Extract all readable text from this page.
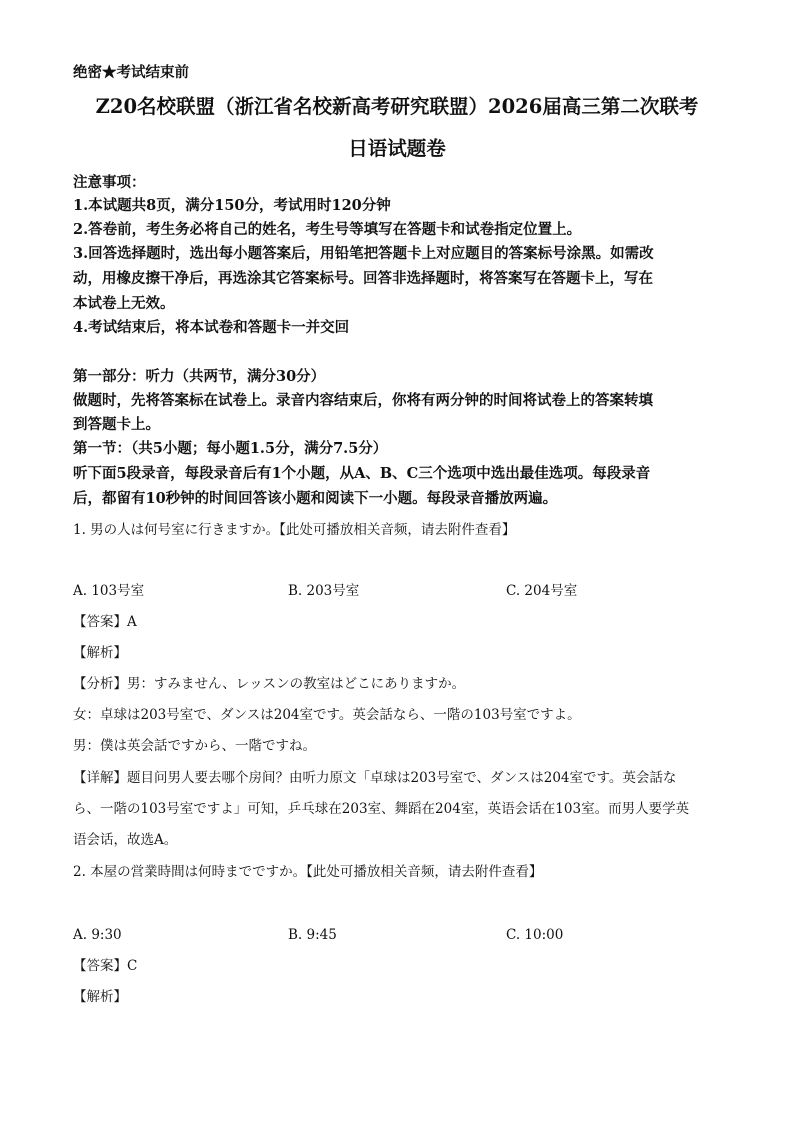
绝密★考试结束前
Z20名校联盟（浙江省名校新高考研究联盟）2026届高三第二次联考
日语试题卷
注意事项：
1.本试题共8页，满分150分，考试用时120分钟
2.答卷前，考生务必将自己的姓名，考生号等填写在答题卡和试卷指定位置上。
3.回答选择题时，选出每小题答案后，用铅笔把答题卡上对应题目的答案标号涂黑。如需改
动，用橡皮擦干净后，再选涂其它答案标号。回答非选择题时，将答案写在答题卡上，写在
本试卷上无效。
4.考试结束后，将本试卷和答题卡一并交回
第一部分：听力（共两节，满分30分）
做题时，先将答案标在试卷上。录音内容结束后，你将有两分钟的时间将试卷上的答案转填
到答题卡上。
第一节：（共5小题；每小题1.5分，满分7.5分）
听下面5段录音，每段录音后有1个小题，从A、B、C三个选项中选出最佳选项。每段录音
后，都留有10秒钟的时间回答该小题和阅读下一小题。每段录音播放两遍。
1. 男の人は何号室に行きますか。【此处可播放相关音频，请去附件查看】
A. 103号室	B. 203号室	C. 204号室
【答案】A
【解析】
【分析】男：すみません、レッスンの教室はどこにありますか。
女：卓球は203号室で、ダンスは204室です。英会話なら、一階の103号室ですよ。
男：僕は英会話ですから、一階ですね。
【详解】题目问男人要去哪个房间？由听力原文「卓球は203号室で、ダンスは204室です。英会話な
ら、一階の103号室ですよ」可知，乒乓球在203室、舞蹈在204室，英语会话在103室。而男人要学英
语会话，故选A。
2. 本屋の営業時間は何時までですか。【此处可播放相关音频，请去附件查看】
A. 9:30	B. 9:45	C. 10:00
【答案】C
【解析】
